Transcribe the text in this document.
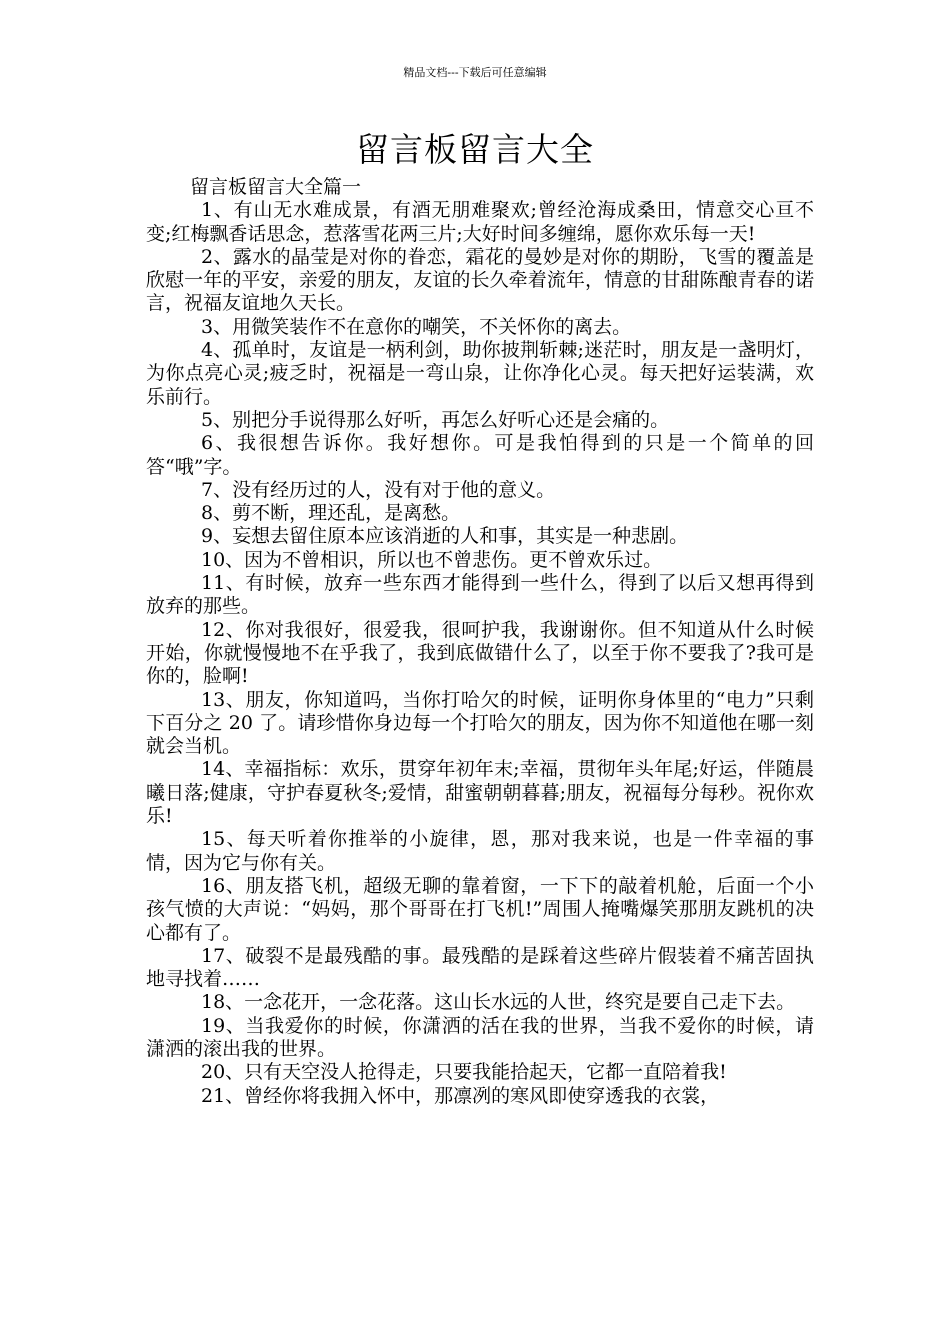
精品文档---下载后可任意编辑
留言板留言大全

留言板留言大全篇一

1、有山无水难成景，有酒无朋难聚欢;曾经沧海成桑田，情意交心亘不变;红梅飘香话思念，惹落雪花两三片;大好时间多缠绵，愿你欢乐每一天!

2、露水的晶莹是对你的眷恋，霜花的曼妙是对你的期盼，飞雪的覆盖是欣慰一年的平安，亲爱的朋友，友谊的长久牵着流年，情意的甘甜陈酿青春的诺言，祝福友谊地久天长。

3、用微笑装作不在意你的嘲笑，不关怀你的离去。

4、孤单时，友谊是一柄利剑，助你披荆斩棘;迷茫时，朋友是一盏明灯，为你点亮心灵;疲乏时，祝福是一弯山泉，让你净化心灵。每天把好运装满，欢乐前行。

5、别把分手说得那么好听，再怎么好听心还是会痛的。

6、我很想告诉你。我好想你。可是我怕得到的只是一个简单的回答“哦”字。

7、没有经历过的人，没有对于他的意义。

8、剪不断，理还乱，是离愁。

9、妄想去留住原本应该消逝的人和事，其实是一种悲剧。

10、因为不曾相识，所以也不曾悲伤。更不曾欢乐过。

11、有时候，放弃一些东西才能得到一些什么，得到了以后又想再得到放弃的那些。

12、你对我很好，很爱我，很呵护我，我谢谢你。但不知道从什么时候开始，你就慢慢地不在乎我了，我到底做错什么了，以至于你不要我了?我可是你的，脸啊!

13、朋友，你知道吗，当你打哈欠的时候，证明你身体里的“电力”只剩下百分之 20 了。请珍惜你身边每一个打哈欠的朋友，因为你不知道他在哪一刻就会当机。

14、幸福指标：欢乐，贯穿年初年末;幸福，贯彻年头年尾;好运，伴随晨曦日落;健康，守护春夏秋冬;爱情，甜蜜朝朝暮暮;朋友，祝福每分每秒。祝你欢乐!

15、每天听着你推举的小旋律，恩，那对我来说，也是一件幸福的事情，因为它与你有关。

16、朋友搭飞机，超级无聊的靠着窗，一下下的敲着机舱，后面一个小孩气愤的大声说：“妈妈，那个哥哥在打飞机!”周围人掩嘴爆笑那朋友跳机的决心都有了。

17、破裂不是最残酷的事。最残酷的是踩着这些碎片假装着不痛苦固执地寻找着……

18、一念花开，一念花落。这山长水远的人世，终究是要自己走下去。

19、当我爱你的时候，你潇洒的活在我的世界，当我不爱你的时候，请潇洒的滚出我的世界。

20、只有天空没人抢得走，只要我能拾起天，它都一直陪着我!

21、曾经你将我拥入怀中，那凛冽的寒风即使穿透我的衣裳，
